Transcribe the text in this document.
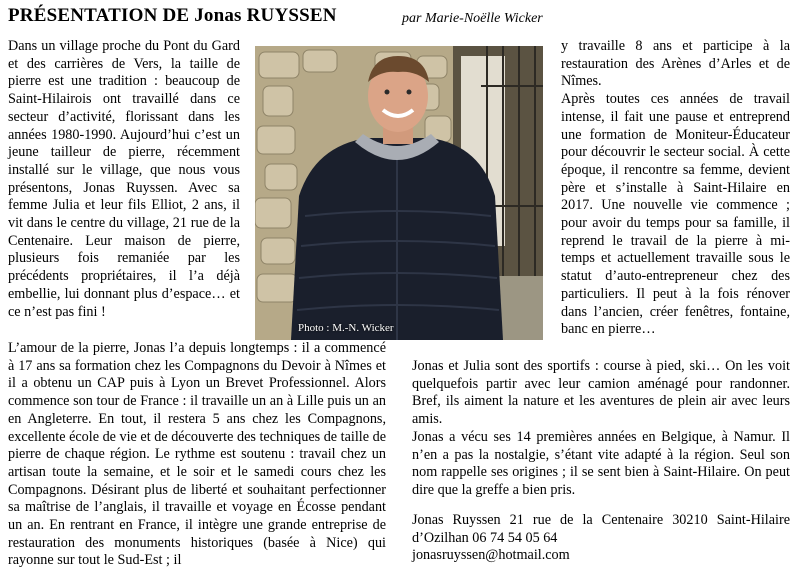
PRÉSENTATION DE Jonas RUYSSEN	par Marie-Noëlle Wicker

Dans un village proche du Pont du Gard et des carrières de Vers, la taille de pierre est une tradition : beaucoup de Saint-Hilairois ont travaillé dans ce secteur d’activité, florissant dans les années 1980-1990. Aujourd’hui c’est un jeune tailleur de pierre, récemment installé sur le village, que nous vous présentons, Jonas Ruyssen. Avec sa femme Julia et leur fils Elliot, 2 ans, il vit dans le centre du village, 21 rue de la Centenaire. Leur maison de pierre, plusieurs fois remaniée par les précédents propriétaires, il l’a déjà embellie, lui donnant plus d’espace… et ce n’est pas fini !

Photo : M.-N. Wicker

y travaille 8 ans et participe à la restauration des Arènes d’Arles et de Nîmes.

Après toutes ces années de travail intense, il fait une pause et entreprend une formation de Moniteur-Éducateur pour découvrir le secteur social. À cette époque, il rencontre sa femme, devient père et s’installe à Saint-Hilaire en 2017. Une nouvelle vie commence ; pour avoir du temps pour sa famille, il reprend le travail de la pierre à mi-temps et actuellement travaille sous le statut d’auto-entrepreneur chez des particuliers. Il peut à la fois rénover dans l’ancien, créer fenêtres, fontaine, banc en pierre…

L’amour de la pierre, Jonas l’a depuis longtemps : il a commencé à 17 ans sa formation chez les Compagnons du Devoir à Nîmes et il a obtenu un CAP puis à Lyon un Brevet Professionnel. Alors commence son tour de France : il travaille un an à Lille puis un an en Angleterre. En tout, il restera 5 ans chez les Compagnons, excellente école de vie et de découverte des techniques de taille de pierre de chaque région. Le rythme est soutenu : travail chez un artisan toute la semaine, et le soir et le samedi cours chez les Compagnons. Désirant plus de liberté et souhaitant perfectionner sa maîtrise de l’anglais, il travaille et voyage en Écosse pendant un an. En rentrant en France, il intègre une grande entreprise de restauration des monuments historiques (basée à Nice) qui rayonne sur tout le Sud-Est ; il

Jonas et Julia sont des sportifs : course à pied, ski… On les voit quelquefois partir avec leur camion aménagé pour randonner. Bref, ils aiment la nature et les aventures de plein air avec leurs amis.

Jonas a vécu ses 14 premières années en Belgique, à Namur. Il n’en a pas la nostalgie, s’étant vite adapté à la région. Seul son nom rappelle ses origines ; il se sent bien à Saint-Hilaire. On peut dire que la greffe a bien pris.

Jonas Ruyssen 21 rue de la Centenaire 30210 Saint-Hilaire d’Ozilhan 06 74 54 05 64

jonasruyssen@hotmail.com
